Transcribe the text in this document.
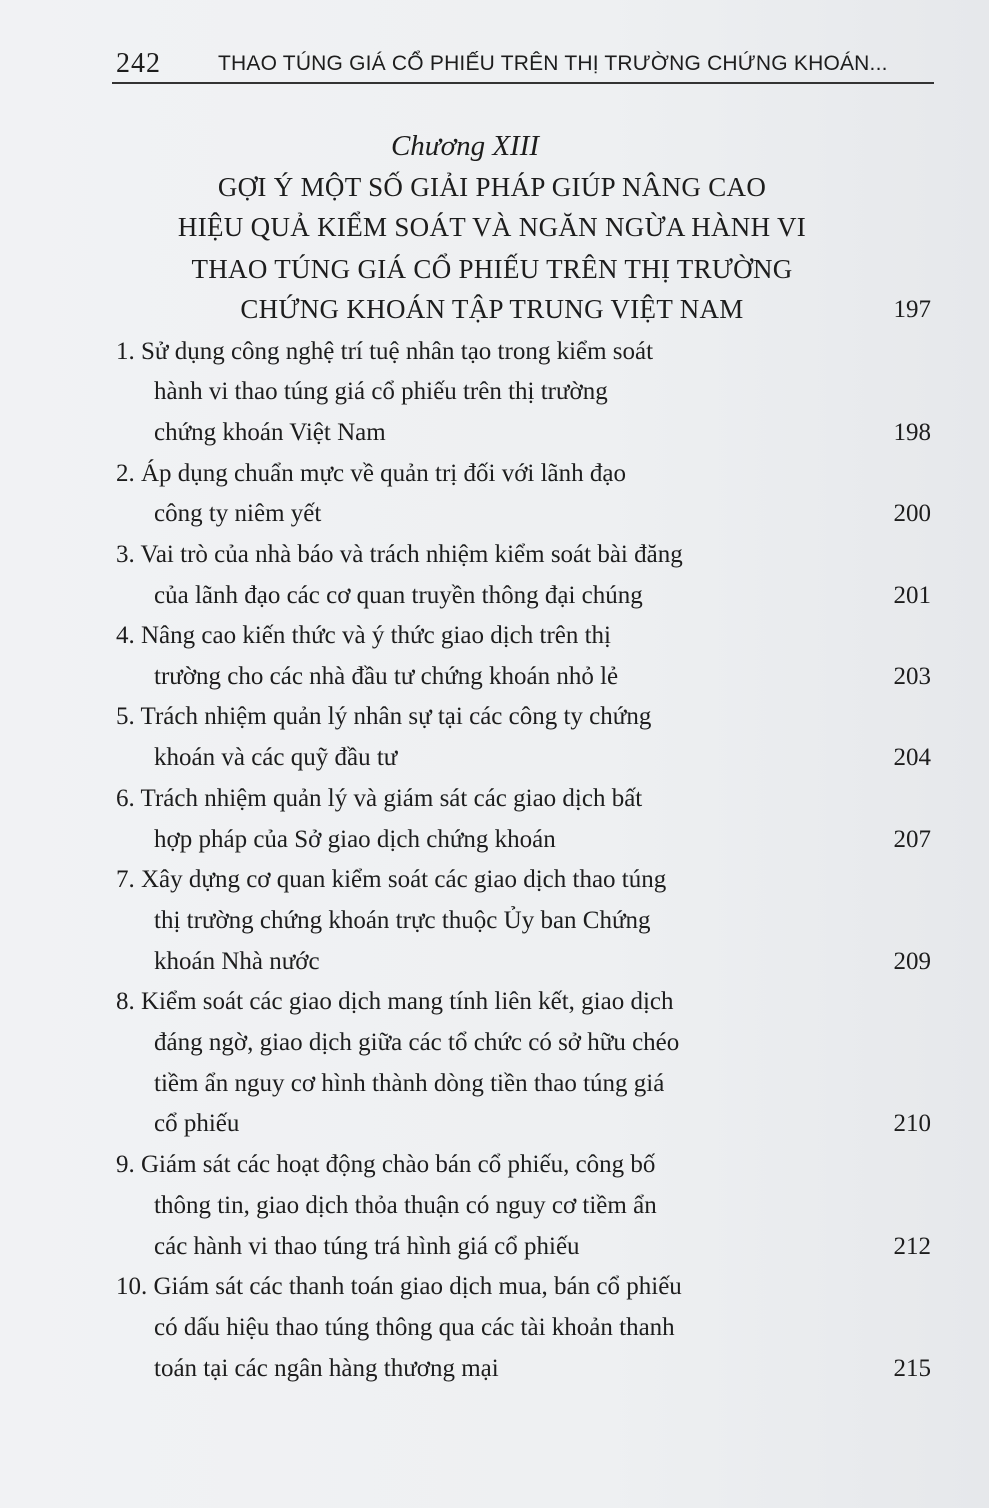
242	THAO TÚNG GIÁ CỔ PHIẾU TRÊN THỊ TRƯỜNG CHỨNG KHOÁN...
Chương XIII
GỢI Ý MỘT SỐ GIẢI PHÁP GIÚP NÂNG CAO
HIỆU QUẢ KIỂM SOÁT VÀ NGĂN NGỪA HÀNH VI
THAO TÚNG GIÁ CỔ PHIẾU TRÊN THỊ TRƯỜNG
CHỨNG KHOÁN TẬP TRUNG VIỆT NAM	197
1. Sử dụng công nghệ trí tuệ nhân tạo trong kiểm soát
hành vi thao túng giá cổ phiếu trên thị trường
chứng khoán Việt Nam	198
2. Áp dụng chuẩn mực về quản trị đối với lãnh đạo
công ty niêm yết	200
3. Vai trò của nhà báo và trách nhiệm kiểm soát bài đăng
của lãnh đạo các cơ quan truyền thông đại chúng	201
4. Nâng cao kiến thức và ý thức giao dịch trên thị
trường cho các nhà đầu tư chứng khoán nhỏ lẻ	203
5. Trách nhiệm quản lý nhân sự tại các công ty chứng
khoán và các quỹ đầu tư	204
6. Trách nhiệm quản lý và giám sát các giao dịch bất
hợp pháp của Sở giao dịch chứng khoán	207
7. Xây dựng cơ quan kiểm soát các giao dịch thao túng
thị trường chứng khoán trực thuộc Ủy ban Chứng
khoán Nhà nước	209
8. Kiểm soát các giao dịch mang tính liên kết, giao dịch
đáng ngờ, giao dịch giữa các tổ chức có sở hữu chéo
tiềm ẩn nguy cơ hình thành dòng tiền thao túng giá
cổ phiếu	210
9. Giám sát các hoạt động chào bán cổ phiếu, công bố
thông tin, giao dịch thỏa thuận có nguy cơ tiềm ẩn
các hành vi thao túng trá hình giá cổ phiếu	212
10. Giám sát các thanh toán giao dịch mua, bán cổ phiếu
có dấu hiệu thao túng thông qua các tài khoản thanh
toán tại các ngân hàng thương mại	215
